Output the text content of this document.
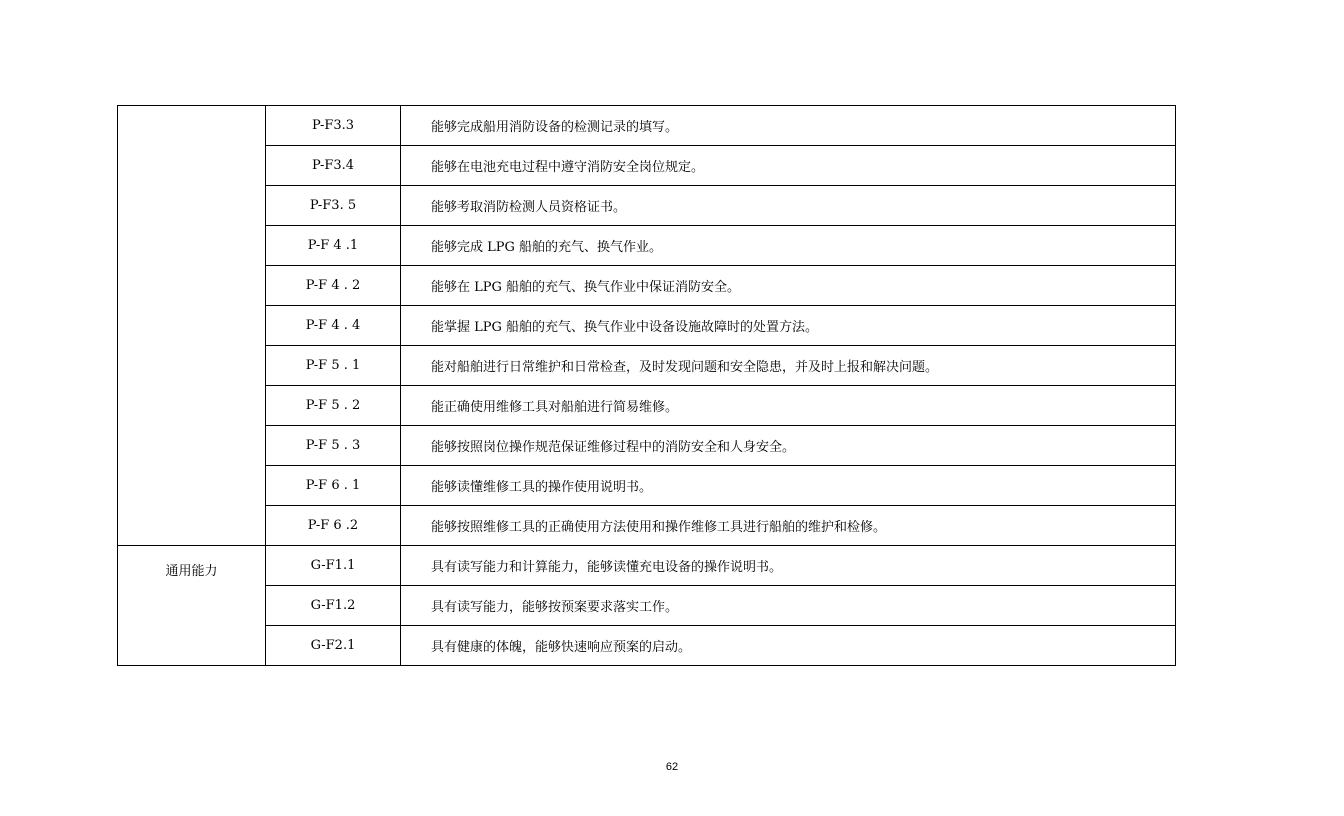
	P-F3.3	能够完成船用消防设备的检测记录的填写。
	P-F3.4	能够在电池充电过程中遵守消防安全岗位规定。
	P-F3. 5	能够考取消防检测人员资格证书。
	P-F 4 .1	能够完成 LPG 船舶的充气、换气作业。
	P-F 4 . 2	能够在 LPG 船舶的充气、换气作业中保证消防安全。
	P-F 4 . 4	能掌握 LPG 船舶的充气、换气作业中设备设施故障时的处置方法。
	P-F 5 . 1	能对船舶进行日常维护和日常检查，及时发现问题和安全隐患，并及时上报和解决问题。
	P-F 5 . 2	能正确使用维修工具对船舶进行简易维修。
	P-F 5 . 3	能够按照岗位操作规范保证维修过程中的消防安全和人身安全。
	P-F 6 . 1	能够读懂维修工具的操作使用说明书。
	P-F 6 .2	能够按照维修工具的正确使用方法使用和操作维修工具进行船舶的维护和检修。
通用能力	G-F1.1	具有读写能力和计算能力，能够读懂充电设备的操作说明书。
	G-F1.2	具有读写能力，能够按预案要求落实工作。
	G-F2.1	具有健康的体魄，能够快速响应预案的启动。
62
